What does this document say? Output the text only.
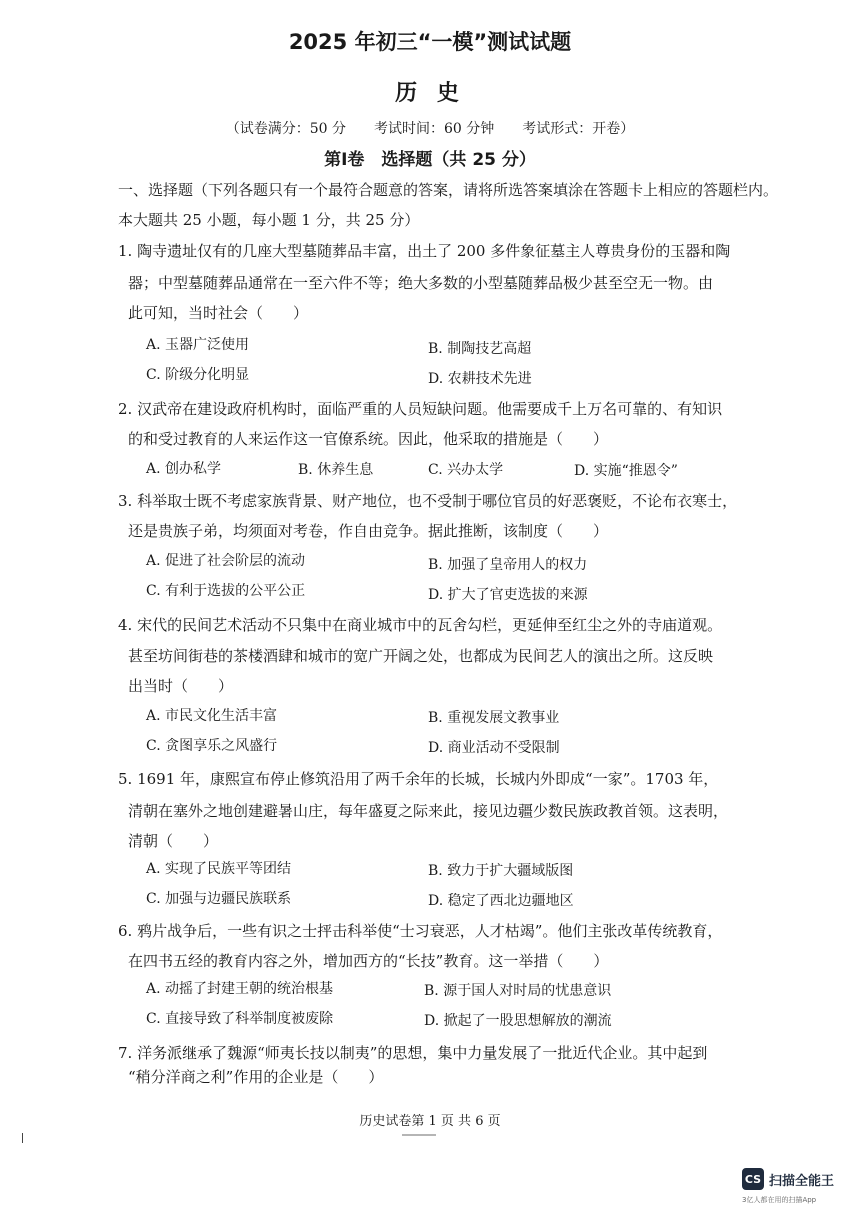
2025 年初三“一模”测试试题
历 史
（试卷满分：50 分　　考试时间：60 分钟　　考试形式：开卷）
第Ⅰ卷　选择题（共 25 分）
一、选择题（下列各题只有一个最符合题意的答案，请将所选答案填涂在答题卡上相应的答题栏内。本大题共 25 小题，每小题 1 分，共 25 分）
1. 陶寺遗址仅有的几座大型墓随葬品丰富，出土了 200 多件象征墓主人尊贵身份的玉器和陶
器；中型墓随葬品通常在一至六件不等；绝大多数的小型墓随葬品极少甚至空无一物。由
此可知，当时社会（　　）
A. 玉器广泛使用	B. 制陶技艺高超
C. 阶级分化明显	D. 农耕技术先进
2. 汉武帝在建设政府机构时，面临严重的人员短缺问题。他需要成千上万名可靠的、有知识
的和受过教育的人来运作这一官僚系统。因此，他采取的措施是（　　）
A. 创办私学	B. 休养生息	C. 兴办太学	D. 实施“推恩令”
3. 科举取士既不考虑家族背景、财产地位，也不受制于哪位官员的好恶褒贬，不论布衣寒士，
还是贵族子弟，均须面对考卷，作自由竞争。据此推断，该制度（　　）
A. 促进了社会阶层的流动	B. 加强了皇帝用人的权力
C. 有利于选拔的公平公正	D. 扩大了官吏选拔的来源
4. 宋代的民间艺术活动不只集中在商业城市中的瓦舍勾栏，更延伸至红尘之外的寺庙道观。
甚至坊间街巷的茶楼酒肆和城市的宽广开阔之处，也都成为民间艺人的演出之所。这反映
出当时（　　）
A. 市民文化生活丰富	B. 重视发展文教事业
C. 贪图享乐之风盛行	D. 商业活动不受限制
5. 1691 年，康熙宣布停止修筑沿用了两千余年的长城，长城内外即成“一家”。1703 年，
清朝在塞外之地创建避暑山庄，每年盛夏之际来此，接见边疆少数民族政教首领。这表明，
清朝（　　）
A. 实现了民族平等团结	B. 致力于扩大疆域版图
C. 加强与边疆民族联系	D. 稳定了西北边疆地区
6. 鸦片战争后，一些有识之士抨击科举使“士习衰恶，人才枯竭”。他们主张改革传统教育，
在四书五经的教育内容之外，增加西方的“长技”教育。这一举措（　　）
A. 动摇了封建王朝的统治根基	B. 源于国人对时局的忧患意识
C. 直接导致了科举制度被废除	D. 掀起了一股思想解放的潮流
7. 洋务派继承了魏源“师夷长技以制夷”的思想，集中力量发展了一批近代企业。其中起到
“稍分洋商之利”作用的企业是（　　）
历史试卷第 1 页 共 6 页
CS 扫描全能王
3亿人都在用的扫描App
